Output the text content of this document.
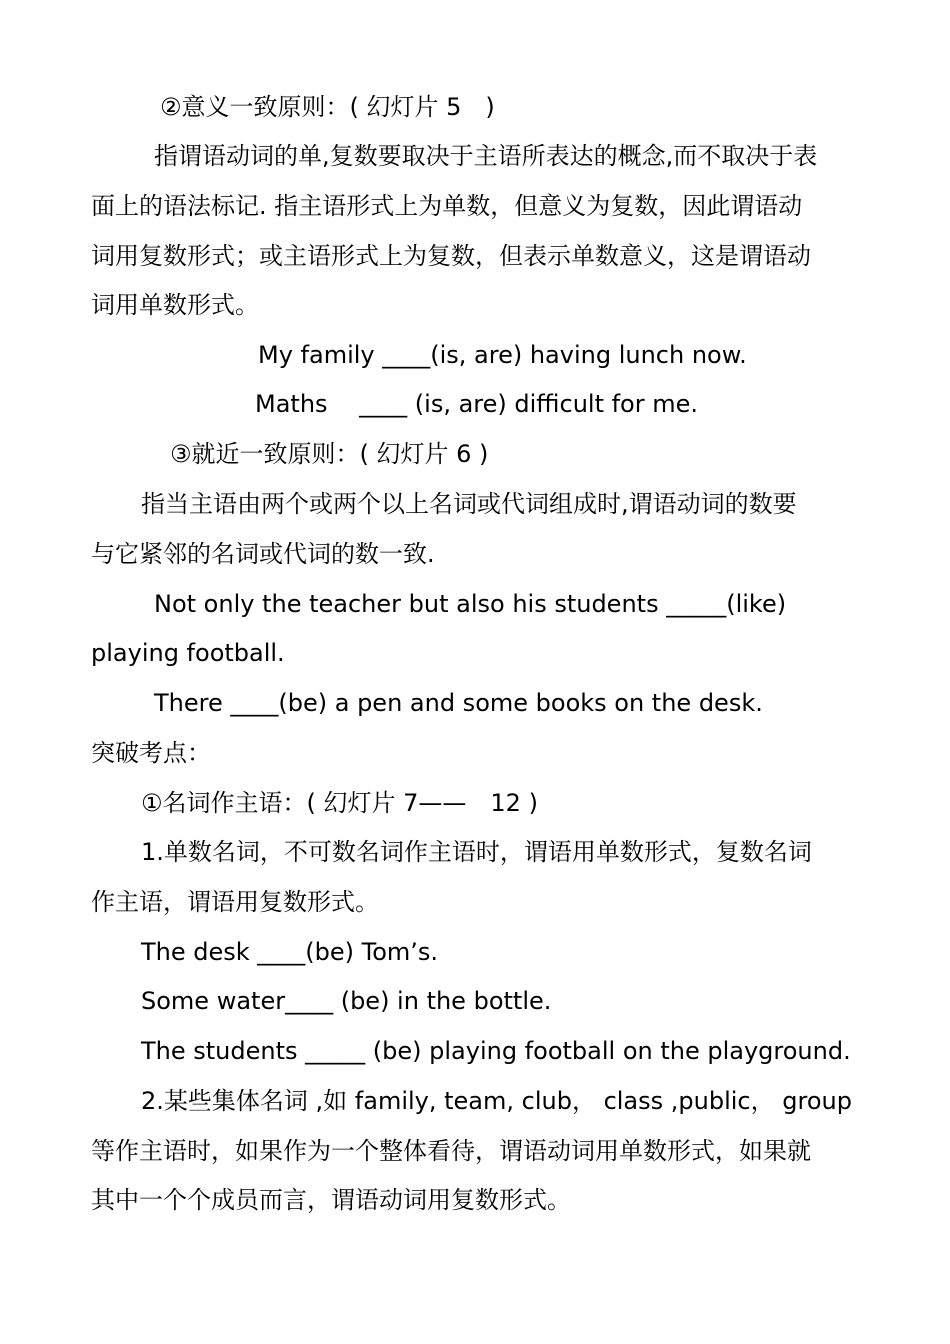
②意义一致原则：( 幻灯片 5　)
指谓语动词的单,复数要取决于主语所表达的概念,而不取决于表
面上的语法标记. 指主语形式上为单数，但意义为复数，因此谓语动
词用复数形式；或主语形式上为复数，但表示单数意义，这是谓语动
词用单数形式。
My family ____(is, are) having lunch now.
Maths　 ____ (is, are) difficult for me.
③就近一致原则：( 幻灯片 6 )
指当主语由两个或两个以上名词或代词组成时,谓语动词的数要
与它紧邻的名词或代词的数一致.
Not only the teacher but also his students _____(like)
playing football.
There ____(be) a pen and some books on the desk.
突破考点：
①名词作主语：( 幻灯片 7——　12 )
1.单数名词，不可数名词作主语时，谓语用单数形式，复数名词
作主语，谓语用复数形式。
The desk ____(be) Tom’s.
Some water____ (be) in the bottle.
The students _____ (be) playing football on the playground.
2.某些集体名词 ,如 family, team, club， class ,public， group
等作主语时，如果作为一个整体看待，谓语动词用单数形式，如果就
其中一个个成员而言，谓语动词用复数形式。
